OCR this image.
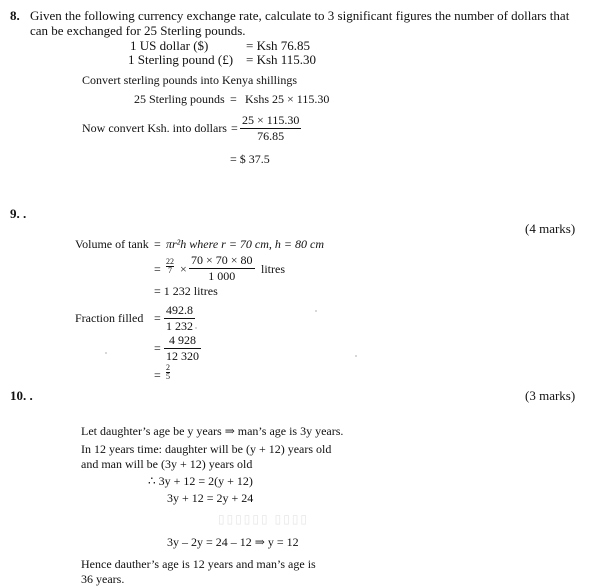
8. Given the following currency exchange rate, calculate to 3 significant figures the number of dollars that
can be exchanged for 25 Sterling pounds.
1 US dollar ($)	= Ksh 76.85
1 Sterling pound (£) = Ksh 115.30
Convert sterling pounds into Kenya shillings
25 Sterling pounds = Kshs 25 × 115.30
Now convert Ksh. into dollars = $\frac{25 \times 115.30}{76.85}$
= $ 37.5
9. .
(4 marks)
Volume of tank = πr²h where r = 70 cm, h = 80 cm
= $\frac{22}{7} \times \frac{70 \times 70 \times 80}{1 000}$ litres
= 1 232 litres
Fraction filled = $\frac{492.8}{1 232}$
= $\frac{4 928}{12 320}$
= $\frac{2}{5}$
10. .	(3 marks)
Let daughter’s age be y years ⇒ man’s age is 3y years.
In 12 years time: daughter will be (y + 12) years old
and man will be (3y + 12) years old
∴ 3y + 12 = 2(y + 12)
3y + 12 = 2y + 24
▯▯▯▯▯▯ ▯▯▯▯
3y – 2y = 24 – 12 ⇒ y = 12
Hence dauther’s age is 12 years and man’s age is
36 years.
